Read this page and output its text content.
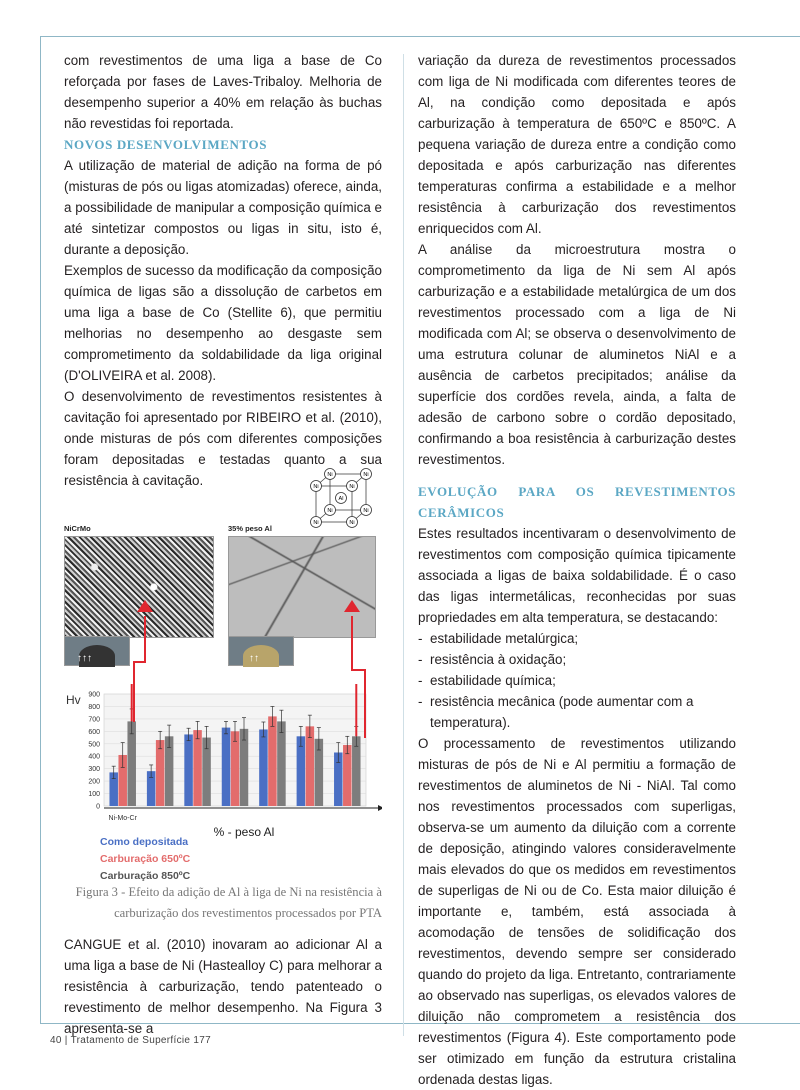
com revestimentos de uma liga a base de Co reforçada por fases de Laves-Tribaloy. Melhoria de desempenho superior a 40% em relação às buchas não revestidas foi reportada.

NOVOS DESENVOLVIMENTOS

A utilização de material de adição na forma de pó (misturas de pós ou ligas atomizadas) oferece, ainda, a possibilidade de manipular a composição química e até sintetizar compostos ou ligas in situ, isto é, durante a deposição.

Exemplos de sucesso da modificação da composição química de ligas são a dissolução de carbetos em uma liga a base de Co (Stellite 6), que permitiu melhorias no desempenho ao desgaste sem comprometimento da soldabilidade da liga original (D'OLIVEIRA et al. 2008).

O desenvolvimento de revestimentos resistentes à cavitação foi apresentado por RIBEIRO et al. (2010), onde misturas de pós com diferentes composições foram depositadas e testadas quanto a sua resistência à cavitação.	Ni	Ni
Ni	Ni
Ni	Ni
Ni	Ni
Al
NiCrMo	35% peso Al
↑↑↑	↑↑
0
100
200
300
400
500
600
700
800
900
Hv
Ni-Mo-Cr
% - peso Al
Como depositada
Carburação 650ºC
Carburação 850ºC
Figura 3 - Efeito da adição de Al à liga de Ni na resistência à carburização dos revestimentos processados por PTA

CANGUE et al. (2010) inovaram ao adicionar Al a uma liga a base de Ni (Hastealloy C) para melhorar a resistência à carburização, tendo patenteado o revestimento de melhor desempenho. Na Figura 3 apresenta-se a

variação da dureza de revestimentos processados com liga de Ni modificada com diferentes teores de Al, na condição como depositada e após carburização à temperatura de 650ºC e 850ºC. A pequena variação de dureza entre a condição como depositada e após carburização nas diferentes temperaturas confirma a estabilidade e a melhor resistência à carburização dos revestimentos enriquecidos com Al.

A análise da microestrutura mostra o comprometimento da liga de Ni sem Al após carburização e a estabilidade metalúrgica de um dos revestimentos processado com a liga de Ni modificada com Al; se observa o desenvolvimento de uma estrutura colunar de aluminetos NiAl e a ausência de carbetos precipitados; análise da superfície dos cordões revela, ainda, a falta de adesão de carbono sobre o cordão depositado, confirmando a boa resistência à carburização destes revestimentos.

EVOLUÇÃO PARA OS REVESTIMENTOS CERÂMICOS

Estes resultados incentivaram o desenvolvimento de revestimentos com composição química tipicamente associada a ligas de baixa soldabilidade. É o caso das ligas intermetálicas, reconhecidas por suas propriedades em alta temperatura, se destacando:

- estabilidade metalúrgica;
- resistência à oxidação;
- estabilidade química;
- resistência mecânica (pode aumentar com a temperatura).

O processamento de revestimentos utilizando misturas de pós de Ni e Al permitiu a formação de revestimentos de aluminetos de Ni - NiAl. Tal como nos revestimentos processados com superligas, observa-se um aumento da diluição com a corrente de deposição, atingindo valores consideravelmente mais elevados do que os medidos em revestimentos de superligas de Ni ou de Co. Esta maior diluição é importante e, também, está associada à acomodação de tensões de solidificação dos revestimentos, devendo sempre ser considerado quando do projeto da liga. Entretanto, contrariamente ao observado nas superligas, os elevados valores de diluição não comprometem a resistência dos revestimentos (Figura 4). Este comportamento pode ser otimizado em função da estrutura cristalina ordenada destas ligas.

40 | Tratamento de Superfície 177
